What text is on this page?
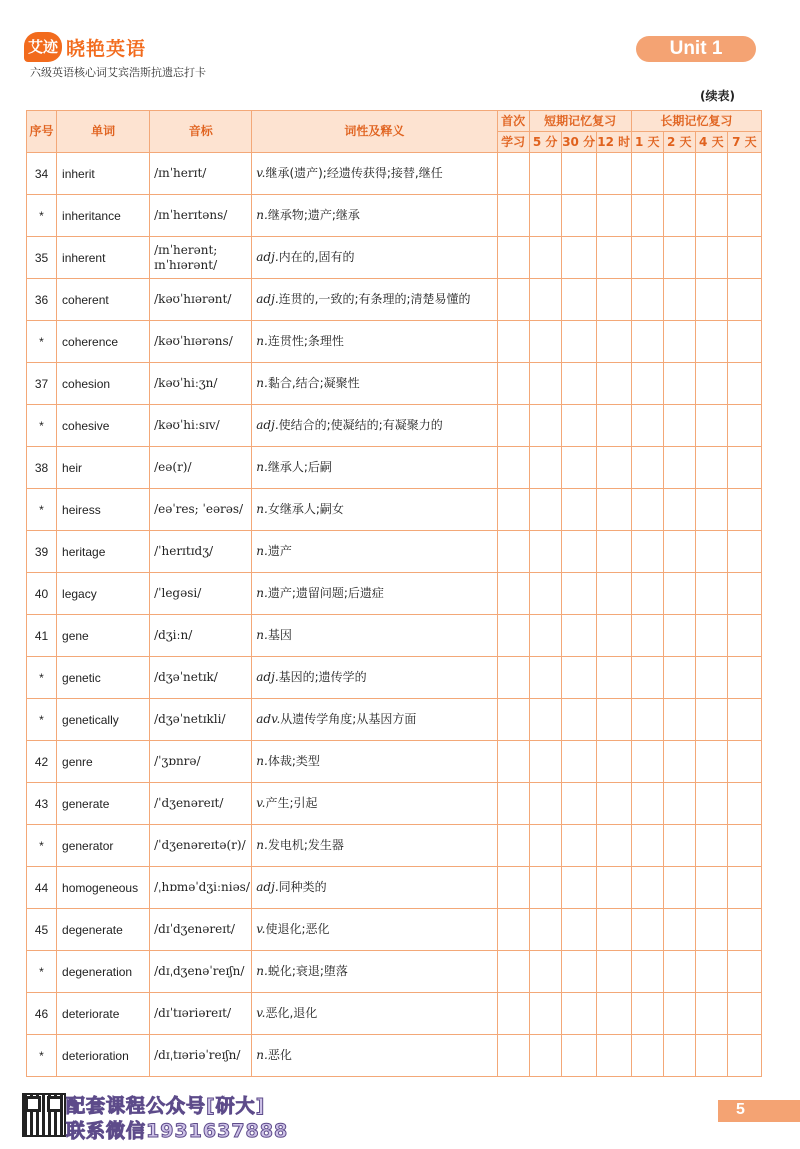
艾迹 晓艳英语
六级英语核心词艾宾浩斯抗遗忘打卡
Unit 1
(续表)
序号	单词	音标	词性及释义	首次	短期记忆复习			长期记忆复习			
				学习	5 分	30 分	12 时	1 天	2 天	4 天	7 天
34	inherit	/ɪnˈherɪt/	v.继承(遗产);经遗传获得;接替,继任								
*	inheritance	/ɪnˈherɪtəns/	n.继承物;遗产;继承								
35	inherent	/ɪnˈherənt;
ɪnˈhɪərənt/	adj.内在的,固有的								
36	coherent	/kəʊˈhɪərənt/	adj.连贯的,一致的;有条理的;清楚易懂的								
*	coherence	/kəʊˈhɪərəns/	n.连贯性;条理性								
37	cohesion	/kəʊˈhiːʒn/	n.黏合,结合;凝聚性								
*	cohesive	/kəʊˈhiːsɪv/	adj.使结合的;使凝结的;有凝聚力的								
38	heir	/eə(r)/	n.继承人;后嗣								
*	heiress	/eəˈres; ˈeərəs/	n.女继承人;嗣女								
39	heritage	/ˈherɪtɪdʒ/	n.遗产								
40	legacy	/ˈlegəsi/	n.遗产;遗留问题;后遗症								
41	gene	/dʒiːn/	n.基因								
*	genetic	/dʒəˈnetɪk/	adj.基因的;遗传学的								
*	genetically	/dʒəˈnetɪkli/	adv.从遗传学角度;从基因方面								
42	genre	/ˈʒɒnrə/	n.体裁;类型								
43	generate	/ˈdʒenəreɪt/	v.产生;引起								
*	generator	/ˈdʒenəreɪtə(r)/	n.发电机;发生器								
44	homogeneous	/ˌhɒməˈdʒiːniəs/	adj.同种类的								
45	degenerate	/dɪˈdʒenəreɪt/	v.使退化;恶化								
*	degeneration	/dɪˌdʒenəˈreɪʃn/	n.蜕化;衰退;堕落								
46	deteriorate	/dɪˈtɪəriəreɪt/	v.恶化,退化								
*	deterioration	/dɪˌtɪəriəˈreɪʃn/	n.恶化								
配套课程公众号[研大]
联系微信1931637888
5
